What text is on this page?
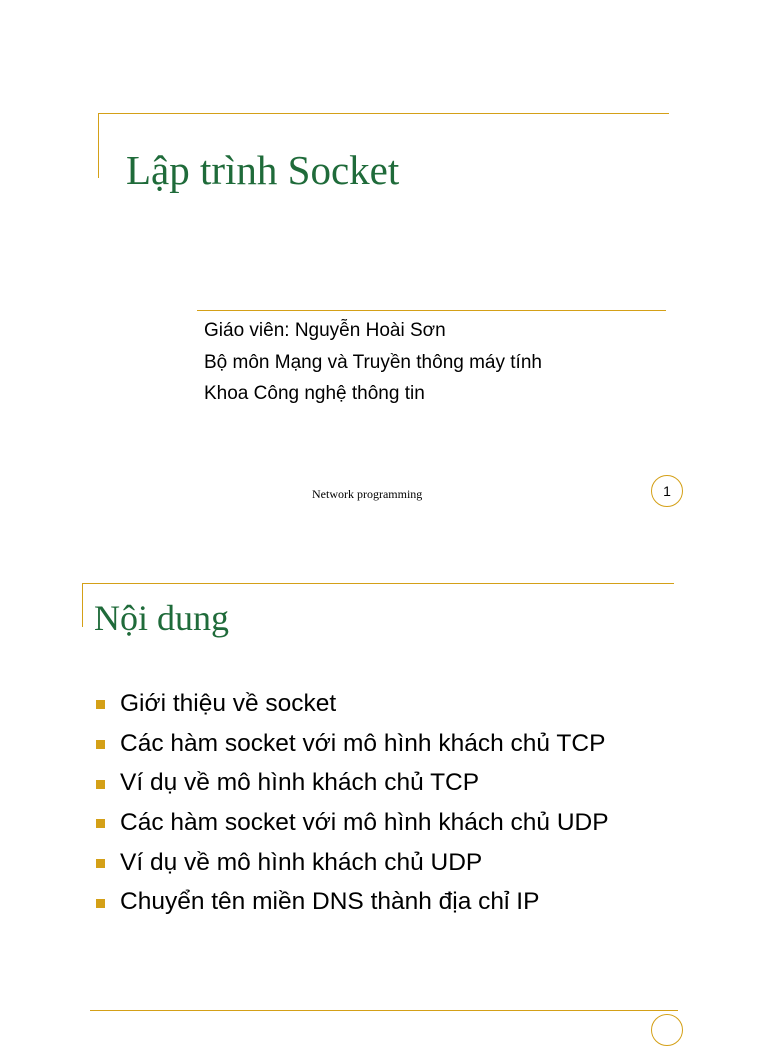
Lập trình Socket
Giáo viên: Nguyễn Hoài Sơn
Bộ môn Mạng và Truyền thông máy tính
Khoa Công nghệ thông tin
Network programming	1
Nội dung
Giới thiệu về socket
Các hàm socket với mô hình khách chủ TCP
Ví dụ về mô hình khách chủ TCP
Các hàm socket với mô hình khách chủ UDP
Ví dụ về mô hình khách chủ UDP
Chuyển tên miền DNS thành địa chỉ IP
